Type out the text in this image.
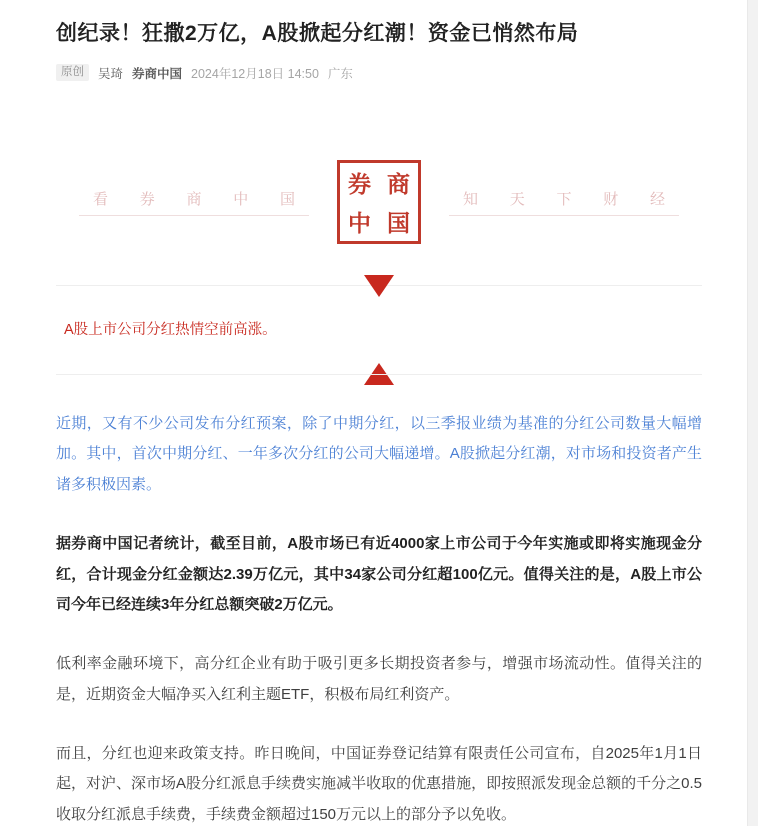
创纪录！狂撒2万亿，A股掀起分红潮！资金已悄然布局
原创	吴琦 券商中国 2024年12月18日 14:50 广东
看 券 商 中 国
券 商
中 国
知 天 下 财 经
A股上市公司分红热情空前高涨。

近期，又有不少公司发布分红预案，除了中期分红，以三季报业绩为基准的分红公司数量大幅增加。其中，首次中期分红、一年多次分红的公司大幅递增。A股掀起分红潮，对市场和投资者产生诸多积极因素。

据券商中国记者统计，截至目前，A股市场已有近4000家上市公司于今年实施或即将实施现金分红，合计现金分红金额达2.39万亿元，其中34家公司分红超100亿元。值得关注的是，A股上市公司今年已经连续3年分红总额突破2万亿元。

低利率金融环境下，高分红企业有助于吸引更多长期投资者参与，增强市场流动性。值得关注的是，近期资金大幅净买入红利主题ETF，积极布局红利资产。

而且，分红也迎来政策支持。昨日晚间，中国证券登记结算有限责任公司宣布，自2025年1月1日起，对沪、深市场A股分红派息手续费实施减半收取的优惠措施，即按照派发现金总额的千分之0.5收取分红派息手续费，手续费金额超过150万元以上的部分予以免收。
